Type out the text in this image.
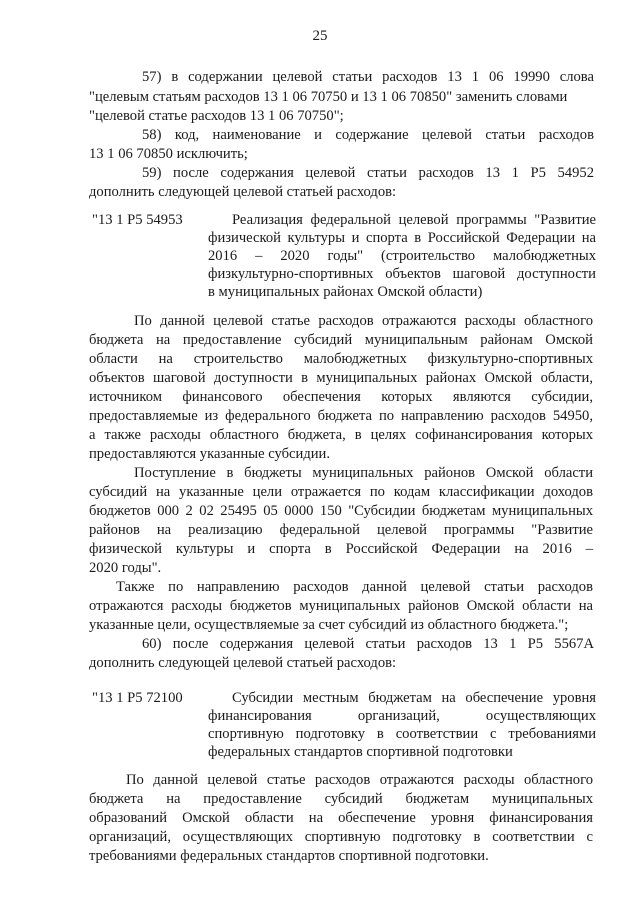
25
57) в содержании целевой статьи расходов 13 1 06 19990 слова
"целевым статьям расходов 13 1 06 70750 и 13 1 06 70850" заменить словами
"целевой статье расходов 13 1 06 70750";
58) код, наименование и содержание целевой статьи расходов
13 1 06 70850 исключить;
59) после содержания целевой статьи расходов 13 1 P5 54952
дополнить следующей целевой статьей расходов:
"13 1 P5 54953	Реализация федеральной целевой программы "Развитие
физической культуры и спорта в Российской Федерации на
2016 – 2020 годы" (строительство малобюджетных
физкультурно-спортивных объектов шаговой доступности
в муниципальных районах Омской области)
По данной целевой статье расходов отражаются расходы областного
бюджета на предоставление субсидий муниципальным районам Омской
области на строительство малобюджетных физкультурно-спортивных
объектов шаговой доступности в муниципальных районах Омской области,
источником финансового обеспечения которых являются субсидии,
предоставляемые из федерального бюджета по направлению расходов 54950,
а также расходы областного бюджета, в целях софинансирования которых
предоставляются указанные субсидии.
Поступление в бюджеты муниципальных районов Омской области
субсидий на указанные цели отражается по кодам классификации доходов
бюджетов 000 2 02 25495 05 0000 150 "Субсидии бюджетам муниципальных
районов на реализацию федеральной целевой программы "Развитие
физической культуры и спорта в Российской Федерации на 2016 –
2020 годы".
Также по направлению расходов данной целевой статьи расходов
отражаются расходы бюджетов муниципальных районов Омской области на
указанные цели, осуществляемые за счет субсидий из областного бюджета.";
60) после содержания целевой статьи расходов 13 1 P5 5567A
дополнить следующей целевой статьей расходов:
"13 1 P5 72100	Субсидии местным бюджетам на обеспечение уровня
финансирования организаций, осуществляющих
спортивную подготовку в соответствии с требованиями
федеральных стандартов спортивной подготовки
По данной целевой статье расходов отражаются расходы областного
бюджета на предоставление субсидий бюджетам муниципальных
образований Омской области на обеспечение уровня финансирования
организаций, осуществляющих спортивную подготовку в соответствии с
требованиями федеральных стандартов спортивной подготовки.
